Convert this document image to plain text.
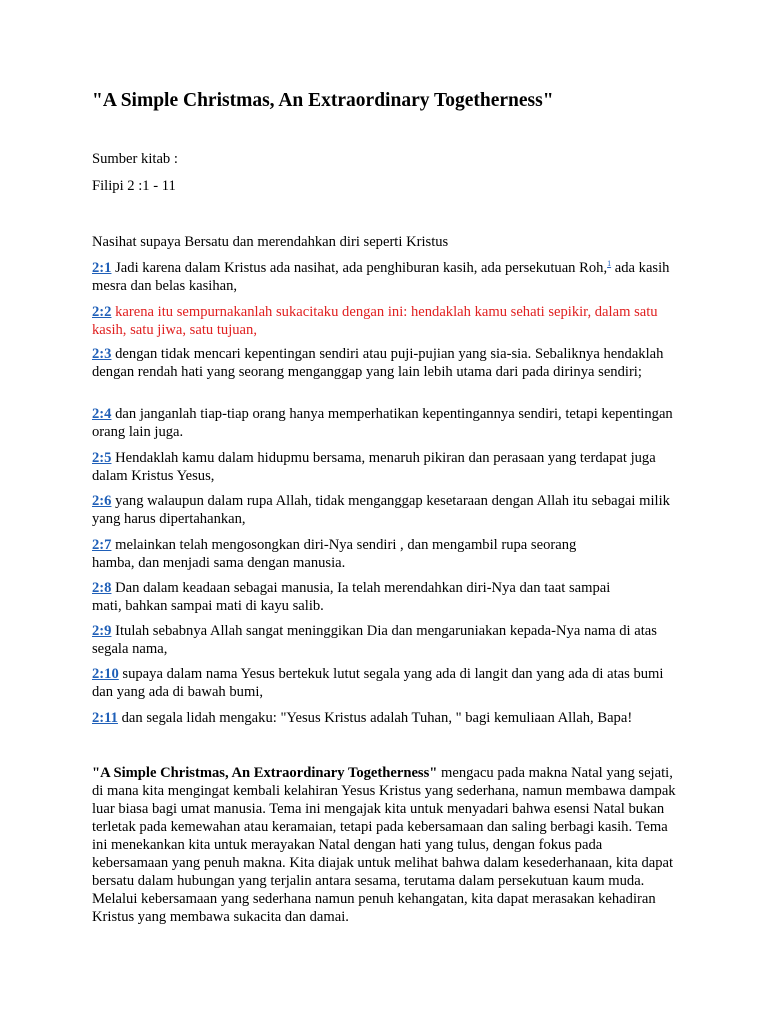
"A Simple Christmas, An Extraordinary Togetherness"
Sumber kitab :
Filipi 2 :1 - 11
Nasihat supaya Bersatu dan merendahkan diri seperti Kristus

2:1 Jadi karena dalam Kristus ada nasihat, ada penghiburan kasih, ada persekutuan Roh,$^1$ ada kasih mesra dan belas kasihan,

2:2 karena itu sempurnakanlah sukacitaku dengan ini: hendaklah kamu sehati sepikir, dalam satu kasih, satu jiwa, satu tujuan,

2:3 dengan tidak mencari kepentingan sendiri atau puji-pujian yang sia-sia. Sebaliknya hendaklah dengan rendah hati yang seorang menganggap yang lain lebih utama dari pada dirinya sendiri;

2:4 dan janganlah tiap-tiap orang hanya memperhatikan kepentingannya sendiri, tetapi kepentingan orang lain juga.

2:5 Hendaklah kamu dalam hidupmu bersama, menaruh pikiran dan perasaan yang terdapat juga dalam Kristus Yesus,

2:6 yang walaupun dalam rupa Allah, tidak menganggap kesetaraan dengan Allah itu sebagai milik yang harus dipertahankan,

2:7 melainkan telah mengosongkan diri-Nya sendiri , dan mengambil rupa seorang hamba, dan menjadi sama dengan manusia.

2:8 Dan dalam keadaan sebagai manusia, Ia telah merendahkan diri-Nya dan taat sampai mati, bahkan sampai mati di kayu salib.

2:9 Itulah sebabnya Allah sangat meninggikan Dia dan mengaruniakan kepada-Nya nama di atas segala nama,

2:10 supaya dalam nama Yesus bertekuk lutut segala yang ada di langit dan yang ada di atas bumi dan yang ada di bawah bumi,

2:11 dan segala lidah mengaku: "Yesus Kristus adalah Tuhan, " bagi kemuliaan Allah, Bapa!

"A Simple Christmas, An Extraordinary Togetherness" mengacu pada makna Natal yang sejati, di mana kita mengingat kembali kelahiran Yesus Kristus yang sederhana, namun membawa dampak luar biasa bagi umat manusia. Tema ini mengajak kita untuk menyadari bahwa esensi Natal bukan terletak pada kemewahan atau keramaian, tetapi pada kebersamaan dan saling berbagi kasih. Tema ini menekankan kita untuk merayakan Natal dengan hati yang tulus, dengan fokus pada kebersamaan yang penuh makna. Kita diajak untuk melihat bahwa dalam kesederhanaan, kita dapat bersatu dalam hubungan yang terjalin antara sesama, terutama dalam persekutuan kaum muda. Melalui kebersamaan yang sederhana namun penuh kehangatan, kita dapat merasakan kehadiran Kristus yang membawa sukacita dan damai.
